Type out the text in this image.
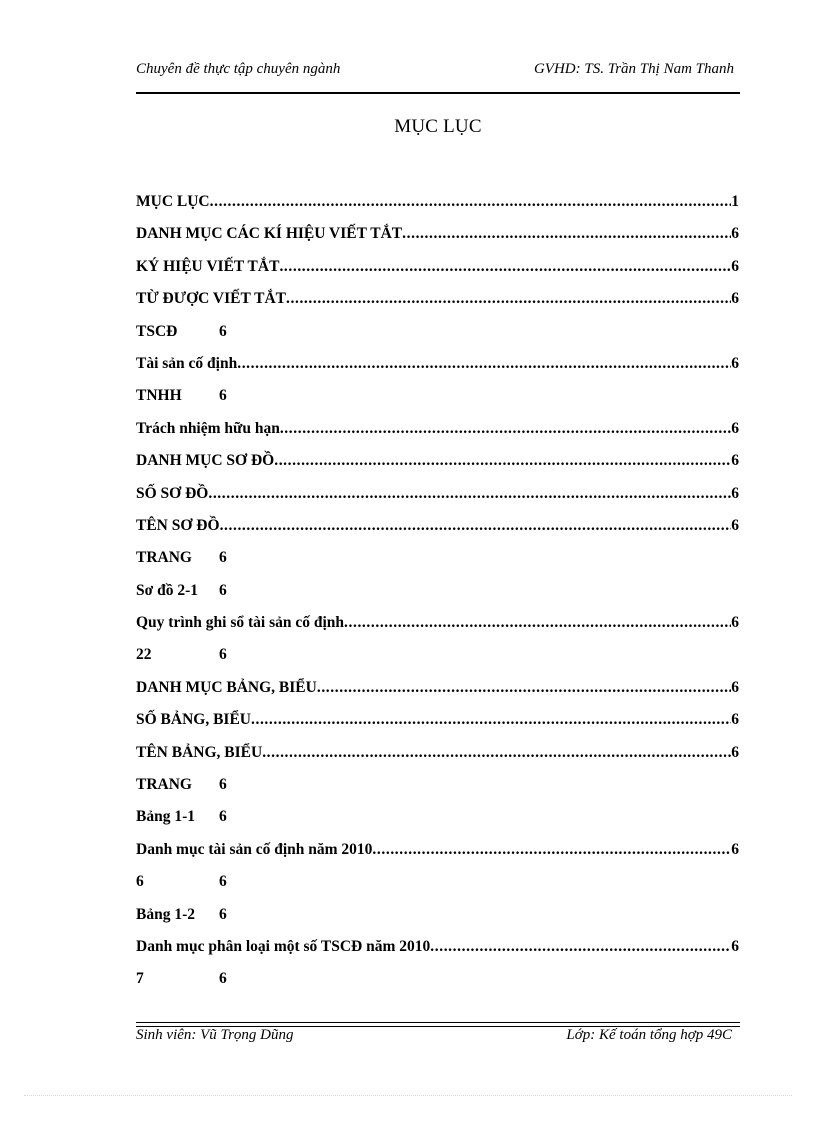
Chuyên đề thực tập chuyên ngành	GVHD: TS. Trần Thị Nam Thanh
MỤC LỤC
MỤC LỤC .....	1
DANH MỤC CÁC KÍ HIỆU VIẾT TẮT .....	6
KÝ HIỆU VIẾT TẮT .....	6
TỪ ĐƯỢC VIẾT TẮT .....	6
TSCĐ	6
Tài sản cố định .....	6
TNHH 6
Trách nhiệm hữu hạn .....	6
DANH MỤC SƠ ĐỒ .....	6
SỐ SƠ ĐỒ .....	6
TÊN SƠ ĐỒ .....	6
TRANG 6
Sơ đồ 2-1 6
Quy trình ghi sổ tài sản cố định .....	6
22	6
DANH MỤC BẢNG, BIỂU .....	6
SỐ BẢNG, BIỂU .....	6
TÊN BẢNG, BIỂU .....	6
TRANG 6
Bảng 1-1 6
Danh mục tài sản cố định năm 2010 .....	6
6	6
Bảng 1-2 6
Danh mục phân loại một số TSCĐ năm 2010 .....	6
7	6
Sinh viên: Vũ Trọng Dũng	Lớp: Kế toán tổng hợp 49C
